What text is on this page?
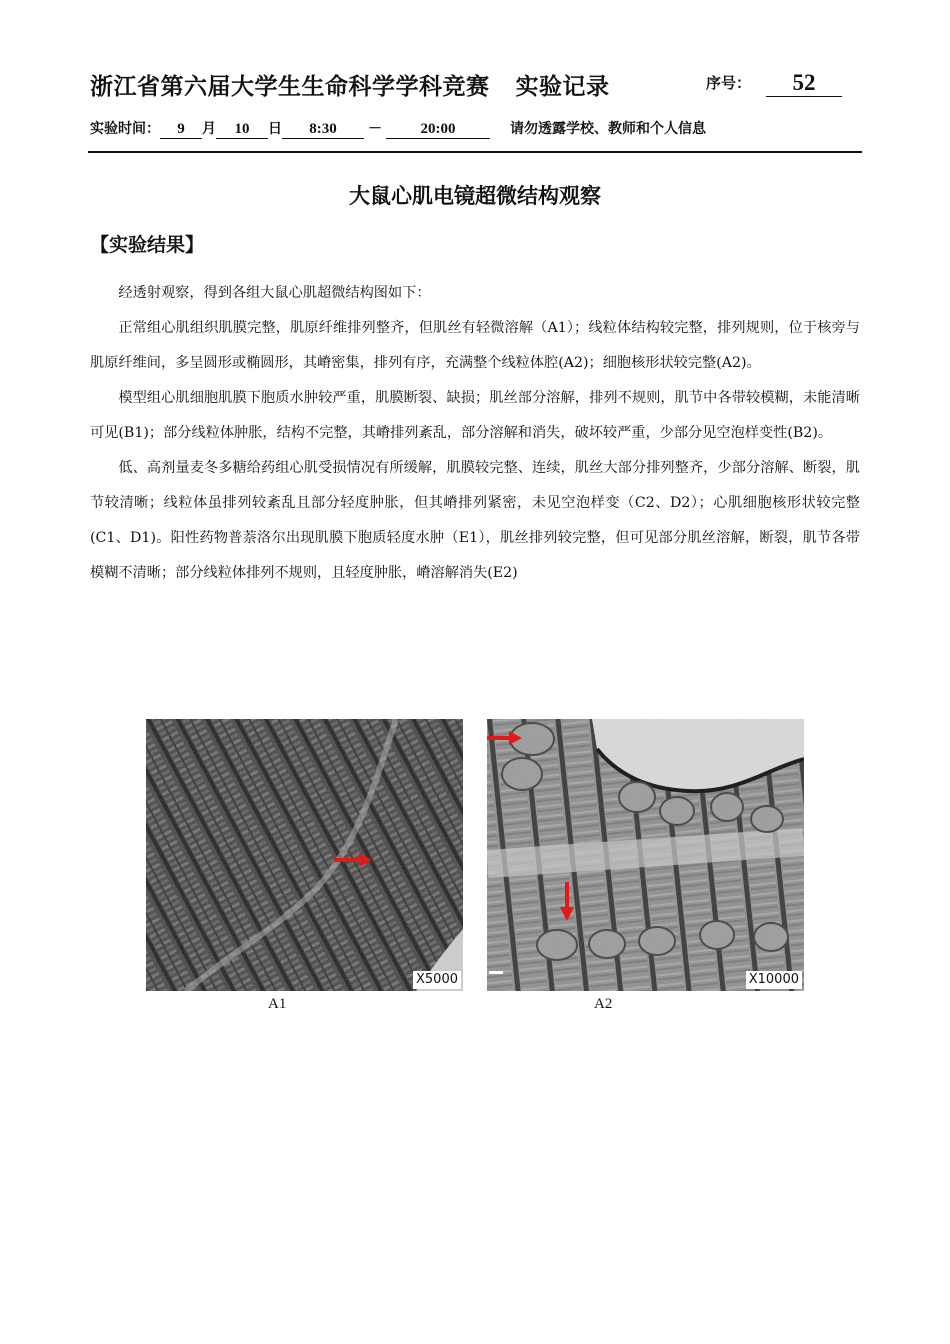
浙江省第六届大学生生命科学学科竞赛 实验记录	序号：	52
实验时间： 9 月 10 日 8:30 －	20:00	请勿透露学校、教师和个人信息
大鼠心肌电镜超微结构观察
【实验结果】

经透射观察，得到各组大鼠心肌超微结构图如下：

正常组心肌组织肌膜完整，肌原纤维排列整齐，但肌丝有轻微溶解（A1）；线粒体结构较完整，排列规则，位于核旁与肌原纤维间，多呈圆形或椭圆形，其嵴密集，排列有序，充满整个线粒体腔(A2)；细胞核形状较完整(A2)。

模型组心肌细胞肌膜下胞质水肿较严重，肌膜断裂、缺损；肌丝部分溶解，排列不规则，肌节中各带较模糊，未能清晰可见(B1)；部分线粒体肿胀，结构不完整，其嵴排列紊乱，部分溶解和消失，破坏较严重，少部分见空泡样变性(B2)。

低、高剂量麦冬多糖给药组心肌受损情况有所缓解，肌膜较完整、连续，肌丝大部分排列整齐，少部分溶解、断裂，肌节较清晰；线粒体虽排列较紊乱且部分轻度肿胀，但其嵴排列紧密，未见空泡样变（C2、D2）；心肌细胞核形状较完整(C1、D1)。阳性药物普萘洛尔出现肌膜下胞质轻度水肿（E1），肌丝排列较完整，但可见部分肌丝溶解，断裂，肌节各带模糊不清晰；部分线粒体排列不规则，且轻度肿胀，嵴溶解消失(E2)

X5000	X10000
A1	A2
